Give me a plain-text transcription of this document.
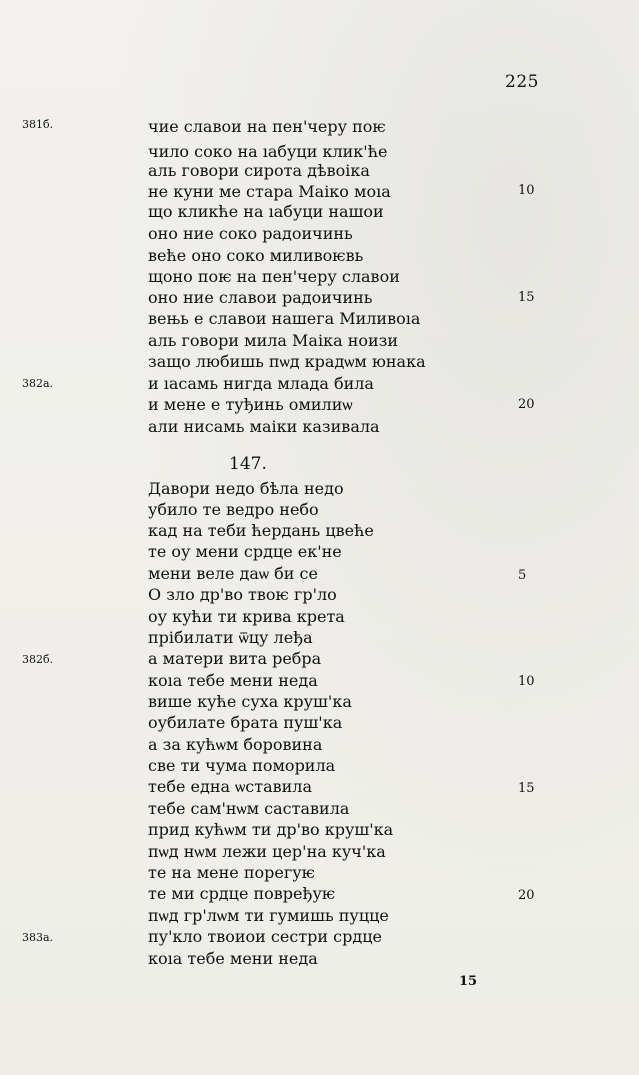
225
381б.	чие славои на пен'черу поѥ
чило соко на ıабуци клик'ће
аль говори сирота дѣвоiка
не куни ме стара Маiко моıа	10
що кликће на ıабуци нашои
оно ние соко радоичинь
веће оно соко миливоѥвь
щоно поѥ на пен'черу славои
оно ние славои радоичинь	15
вењь е славои нашега Миливоıа
аль говори мила Маiка ноизи
защо любишь пѡд крадѡм юнака
382а.	и ıасамь нигда млада била
и мене е туђинь омилиѡ	20
али нисамь маiки казивала
147.
Давори недо бѣла недо
убило те ведро небо
кад на теби ћердань цвеће
те оу мени срдце ек'не
мени веле даѡ би се	5
О зло др'во твоѥ гр'ло
оу кући ти крива крета
прiбилати ѿцу леђа
382б.	а матери вита ребра
коıа тебе мени неда	10
више куће суха круш'ка
оубилате брата пуш'ка
а за кућѡм боровина
све ти чума поморила
тебе една ѡставила	15
тебе сам'нѡм саставила
прид кућѡм ти др'во круш'ка
пѡд нѡм лежи цер'на куч'ка
те на мене порегуѥ
те ми срдце повређуѥ	20
пѡд гр'лѡм ти гумишь пуцце
383а.	пу'кло твоиои сестри срдце
коıа тебе мени неда
15
